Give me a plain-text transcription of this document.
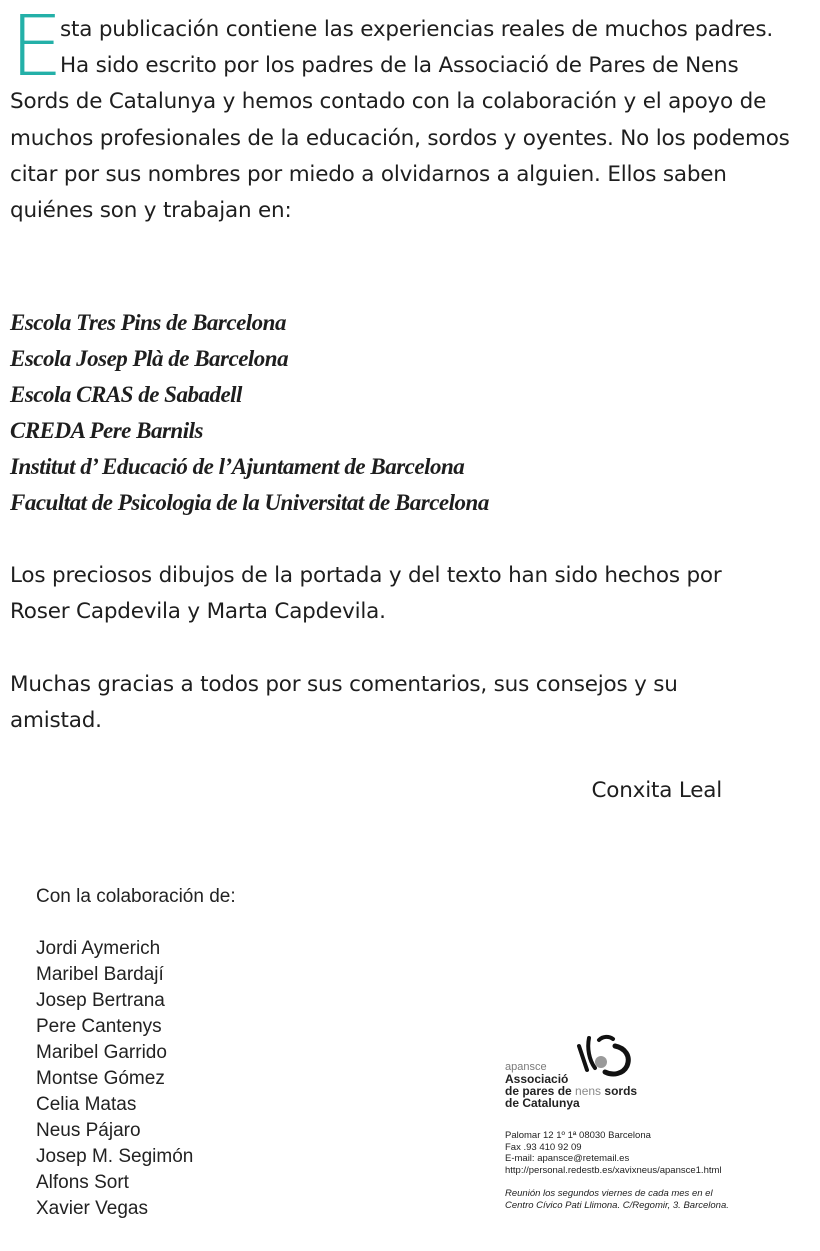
E
sta publicación contiene las experiencias reales de muchos padres. Ha sido escrito por los padres de la Associació de Pares de Nens Sords de Catalunya y hemos contado con la colaboración y el apoyo de muchos profesionales de la educación, sordos y oyentes. No los podemos citar por sus nombres por miedo a olvidarnos a alguien. Ellos saben quiénes son y trabajan en:

Escola Tres Pins de Barcelona
Escola Josep Plà de Barcelona
Escola CRAS de Sabadell
CREDA Pere Barnils
Institut d’ Educació de l’Ajuntament de Barcelona
Facultat de Psicologia de la Universitat de Barcelona

Los preciosos dibujos de la portada y del texto han sido hechos por Roser Capdevila y Marta Capdevila.

Muchas gracias a todos por sus comentarios, sus consejos y su amistad.

Conxita Leal
Con la colaboración de:
Jordi Aymerich
Maribel Bardají
Josep Bertrana
Pere Cantenys
Maribel Garrido
Montse Gómez
Celia Matas
Neus Pájaro
Josep M. Segimón
Alfons Sort
Xavier Vegas
apansce
Associació
de pares de nens sords
de Catalunya
Palomar 12 1º 1ª 08030 Barcelona
Fax .93 410 92 09
E-mail: apansce@retemail.es
http://personal.redestb.es/xavixneus/apansce1.html
Reunión los segundos viernes de cada mes en el
Centro Cívico Pati Llimona. C/Regomir, 3. Barcelona.
